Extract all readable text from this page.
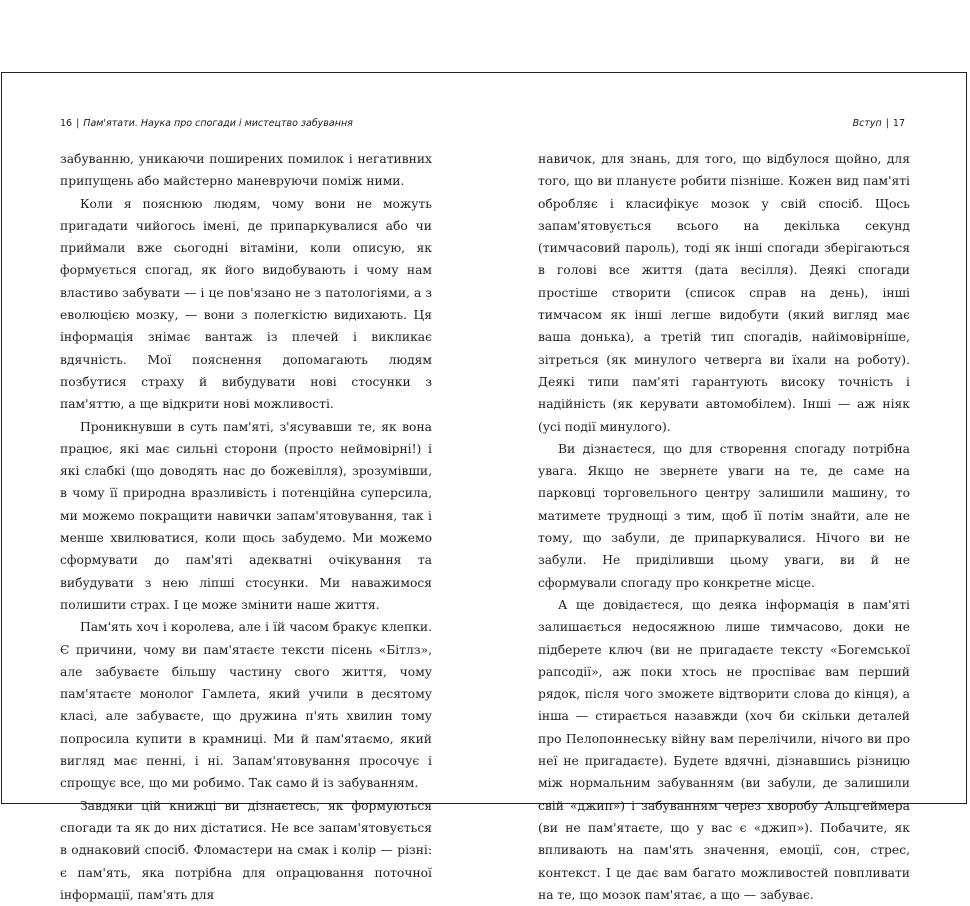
16 | Пам'ятати. Наука про спогади і мистецтво забування	Вступ | 17

забуванню, уникаючи поширених помилок і негативних припущень або майстерно маневруючи поміж ними.

Коли я пояснюю людям, чому вони не можуть пригадати чийогось імені, де припаркувалися або чи приймали вже сьогодні вітаміни, коли описую, як формується спогад, як його видобувають і чому нам властиво забувати — і це пов'язано не з патологіями, а з еволюцією мозку, — вони з полегкістю видихають. Ця інформація знімає вантаж із плечей і викликає вдячність. Мої пояснення допомагають людям позбутися страху й вибудувати нові стосунки з пам'яттю, а ще відкрити нові можливості.

Проникнувши в суть пам'яті, з'ясувавши те, як вона працює, які має сильні сторони (просто неймовірні!) і які слабкі (що доводять нас до божевілля), зрозумівши, в чому її природна вразливість і потенційна суперсила, ми можемо покращити навички запам'ятовування, так і менше хвилюватися, коли щось забудемо. Ми можемо сформувати до пам'яті адекватні очікування та вибудувати з нею ліпші стосунки. Ми наважимося полишити страх. І це може змінити наше життя.

Пам'ять хоч і королева, але і їй часом бракує клепки. Є причини, чому ви пам'ятаєте тексти пісень «Бітлз», але забуваєте більшу частину свого життя, чому пам'ятаєте монолог Гамлета, який учили в десятому класі, але забуваєте, що дружина п'ять хвилин тому попросила купити в крамниці. Ми й пам'ятаємо, який вигляд має пенні, і ні. Запам'ятовування просочує і спрощує все, що ми робимо. Так само й із забуванням.

Завдяки цій книжці ви дізнаєтесь, як формуються спогади та як до них дістатися. Не все запам'ятовується в однаковий спосіб. Фломастери на смак і колір — різні: є пам'ять, яка потрібна для опрацювання поточної інформації, пам'ять для

навичок, для знань, для того, що відбулося щойно, для того, що ви плануєте робити пізніше. Кожен вид пам'яті обробляє і класифікує мозок у свій спосіб. Щось запам'ятовується всього на декілька секунд (тимчасовий пароль), тоді як інші спогади зберігаються в голові все життя (дата весілля). Деякі спогади простіше створити (список справ на день), інші тимчасом як інші легше видобути (який вигляд має ваша донька), а третій тип спогадів, найімовірніше, зітреться (як минулого четверга ви їхали на роботу). Деякі типи пам'яті гарантують високу точність і надійність (як керувати автомобілем). Інші — аж ніяк (усі події минулого).

Ви дізнаєтеся, що для створення спогаду потрібна увага. Якщо не звернете уваги на те, де саме на парковці торговельного центру залишили машину, то матимете труднощі з тим, щоб її потім знайти, але не тому, що забули, де припаркувалися. Нічого ви не забули. Не приділивши цьому уваги, ви й не сформували спогаду про конкретне місце.

А ще довідаєтеся, що деяка інформація в пам'яті залишається недосяжною лише тимчасово, доки не підберете ключ (ви не пригадаєте тексту «Богемської рапсодії», аж поки хтось не проспіває вам перший рядок, після чого зможете відтворити слова до кінця), а інша — стирається назавжди (хоч би скільки деталей про Пелопоннеську війну вам перелічили, нічого ви про неї не пригадаєте). Будете вдячні, дізнавшись різницю між нормальним забуванням (ви забули, де залишили свій «джип») і забуванням через хворобу Альцгеймера (ви не пам'ятаєте, що у вас є «джип»). Побачите, як впливають на пам'ять значення, емоції, сон, стрес, контекст. І це дає вам багато можливостей повпливати на те, що мозок пам'ятає, а що — забуває.
